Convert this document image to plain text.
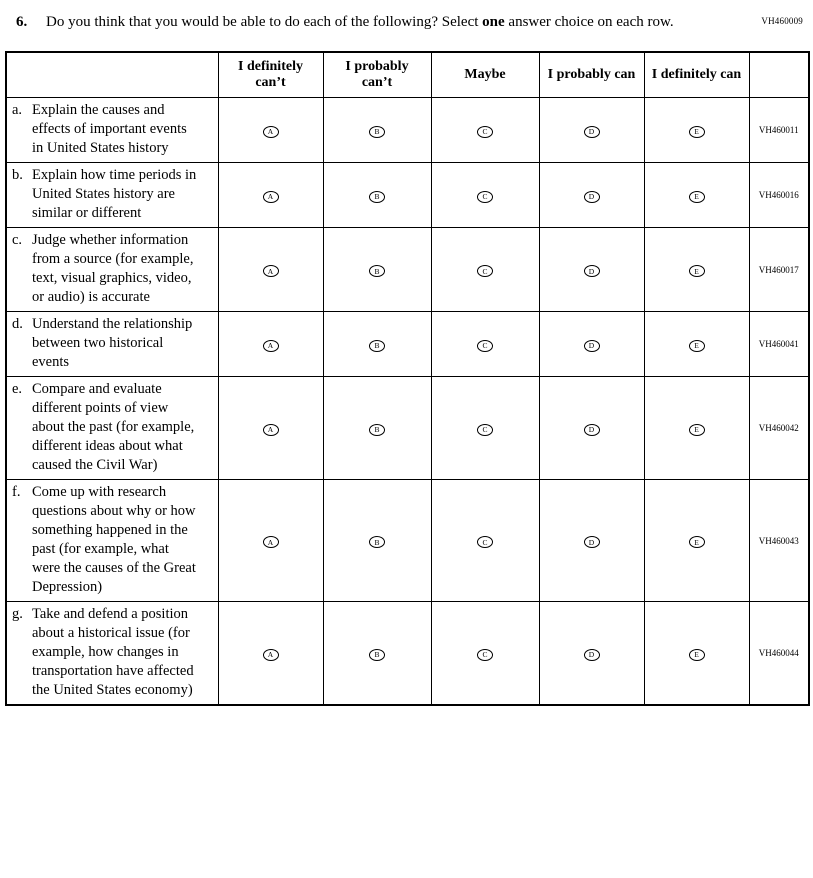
VH460009
6.	Do you think that you would be able to do each of the following? Select one answer choice on each row.
	I definitely can’t	I probably can’t	Maybe	I probably can	I definitely can	
a. Explain the causes and effects of important events in United States history	A	B	C	D	E	VH460011
b. Explain how time periods in United States history are similar or different	A	B	C	D	E	VH460016
c. Judge whether information from a source (for example, text, visual graphics, video, or audio) is accurate	A	B	C	D	E	VH460017
d. Understand the relationship between two historical events	A	B	C	D	E	VH460041
e. Compare and evaluate different points of view about the past (for example, different ideas about what caused the Civil War)	A	B	C	D	E	VH460042
f. Come up with research questions about why or how something happened in the past (for example, what were the causes of the Great Depression)	A	B	C	D	E	VH460043
g. Take and defend a position about a historical issue (for example, how changes in transportation have affected the United States economy)	A	B	C	D	E	VH460044
